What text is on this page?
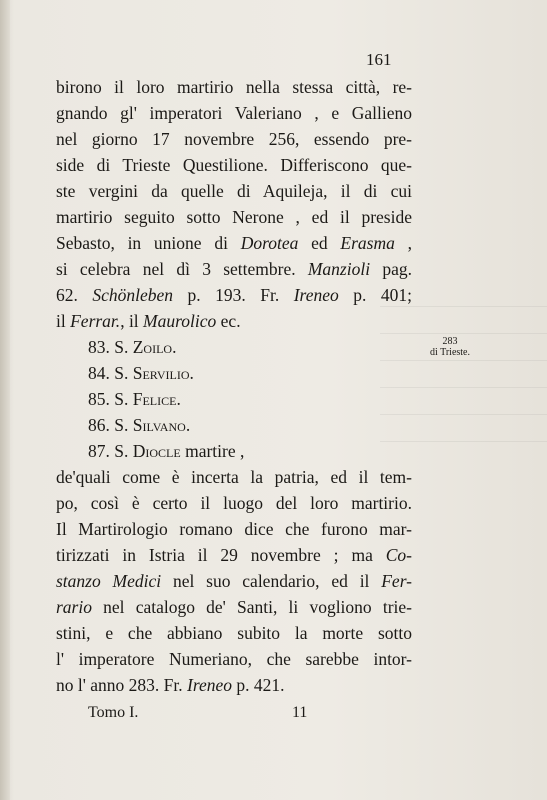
161
birono il loro martirio nella stessa città, re-
gnando gl' imperatori Valeriano , e Gallieno
nel giorno 17 novembre 256, essendo pre-
side di Trieste Questilione. Differiscono que-
ste vergini da quelle di Aquileja, il di cui
martirio seguito sotto Nerone , ed il preside
Sebasto, in unione di Dorotea ed Erasma ,
si celebra nel dì 3 settembre. Manzioli pag.
62. Schönleben p. 193. Fr. Ireneo p. 401;
il Ferrar., il Maurolico ec.
83. S. Zoilo.
84. S. Servilio.
85. S. Felice.
86. S. Silvano.
87. S. Diocle martire ,
283
di Trieste.
de'quali come è incerta la patria, ed il tem-
po, così è certo il luogo del loro martirio.
Il Martirologio romano dice che furono mar-
tirizzati in Istria il 29 novembre ; ma Co-
stanzo Medici nel suo calendario, ed il Fer-
rario nel catalogo de' Santi, li vogliono trie-
stini, e che abbiano subito la morte sotto
l' imperatore Numeriano, che sarebbe intor-
no l' anno 283. Fr. Ireneo p. 421.
Tomo I.	11
